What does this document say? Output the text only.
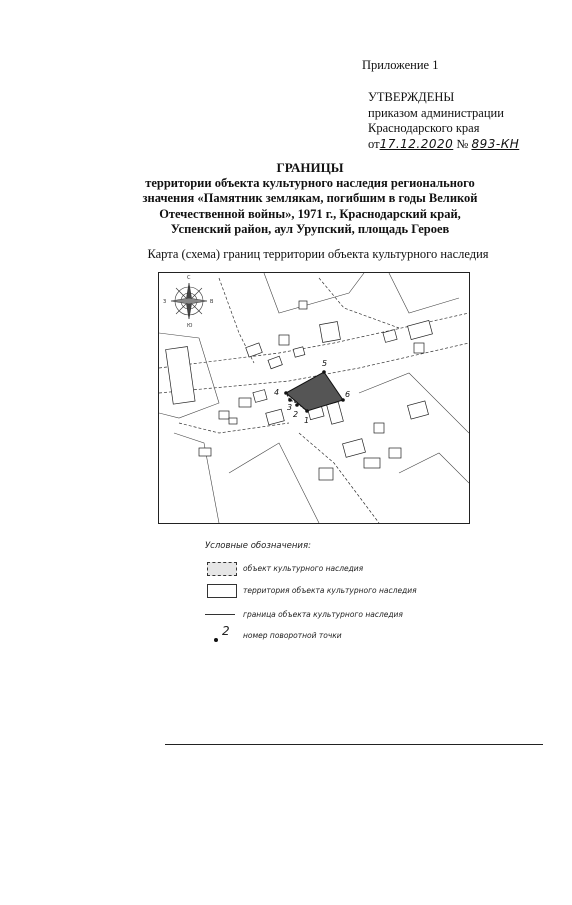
Приложение 1
УТВЕРЖДЕНЫ
приказом администрации
Краснодарского края
от17.12.2020 № 893-КН
ГРАНИЦЫ
территории объекта культурного наследия регионального
значения «Памятник землякам, погибшим в годы Великой
Отечественной войны», 1971 г., Краснодарский край,
Успенский район, аул Урупский, площадь Героев
Карта (схема) границ территории объекта культурного наследия
С
Ю
З	В
1
2
3
4
5
6
Условные обозначения:
объект культурного наследия
территория объекта культурного наследия
граница объекта культурного наследия
2 номер поворотной точки
